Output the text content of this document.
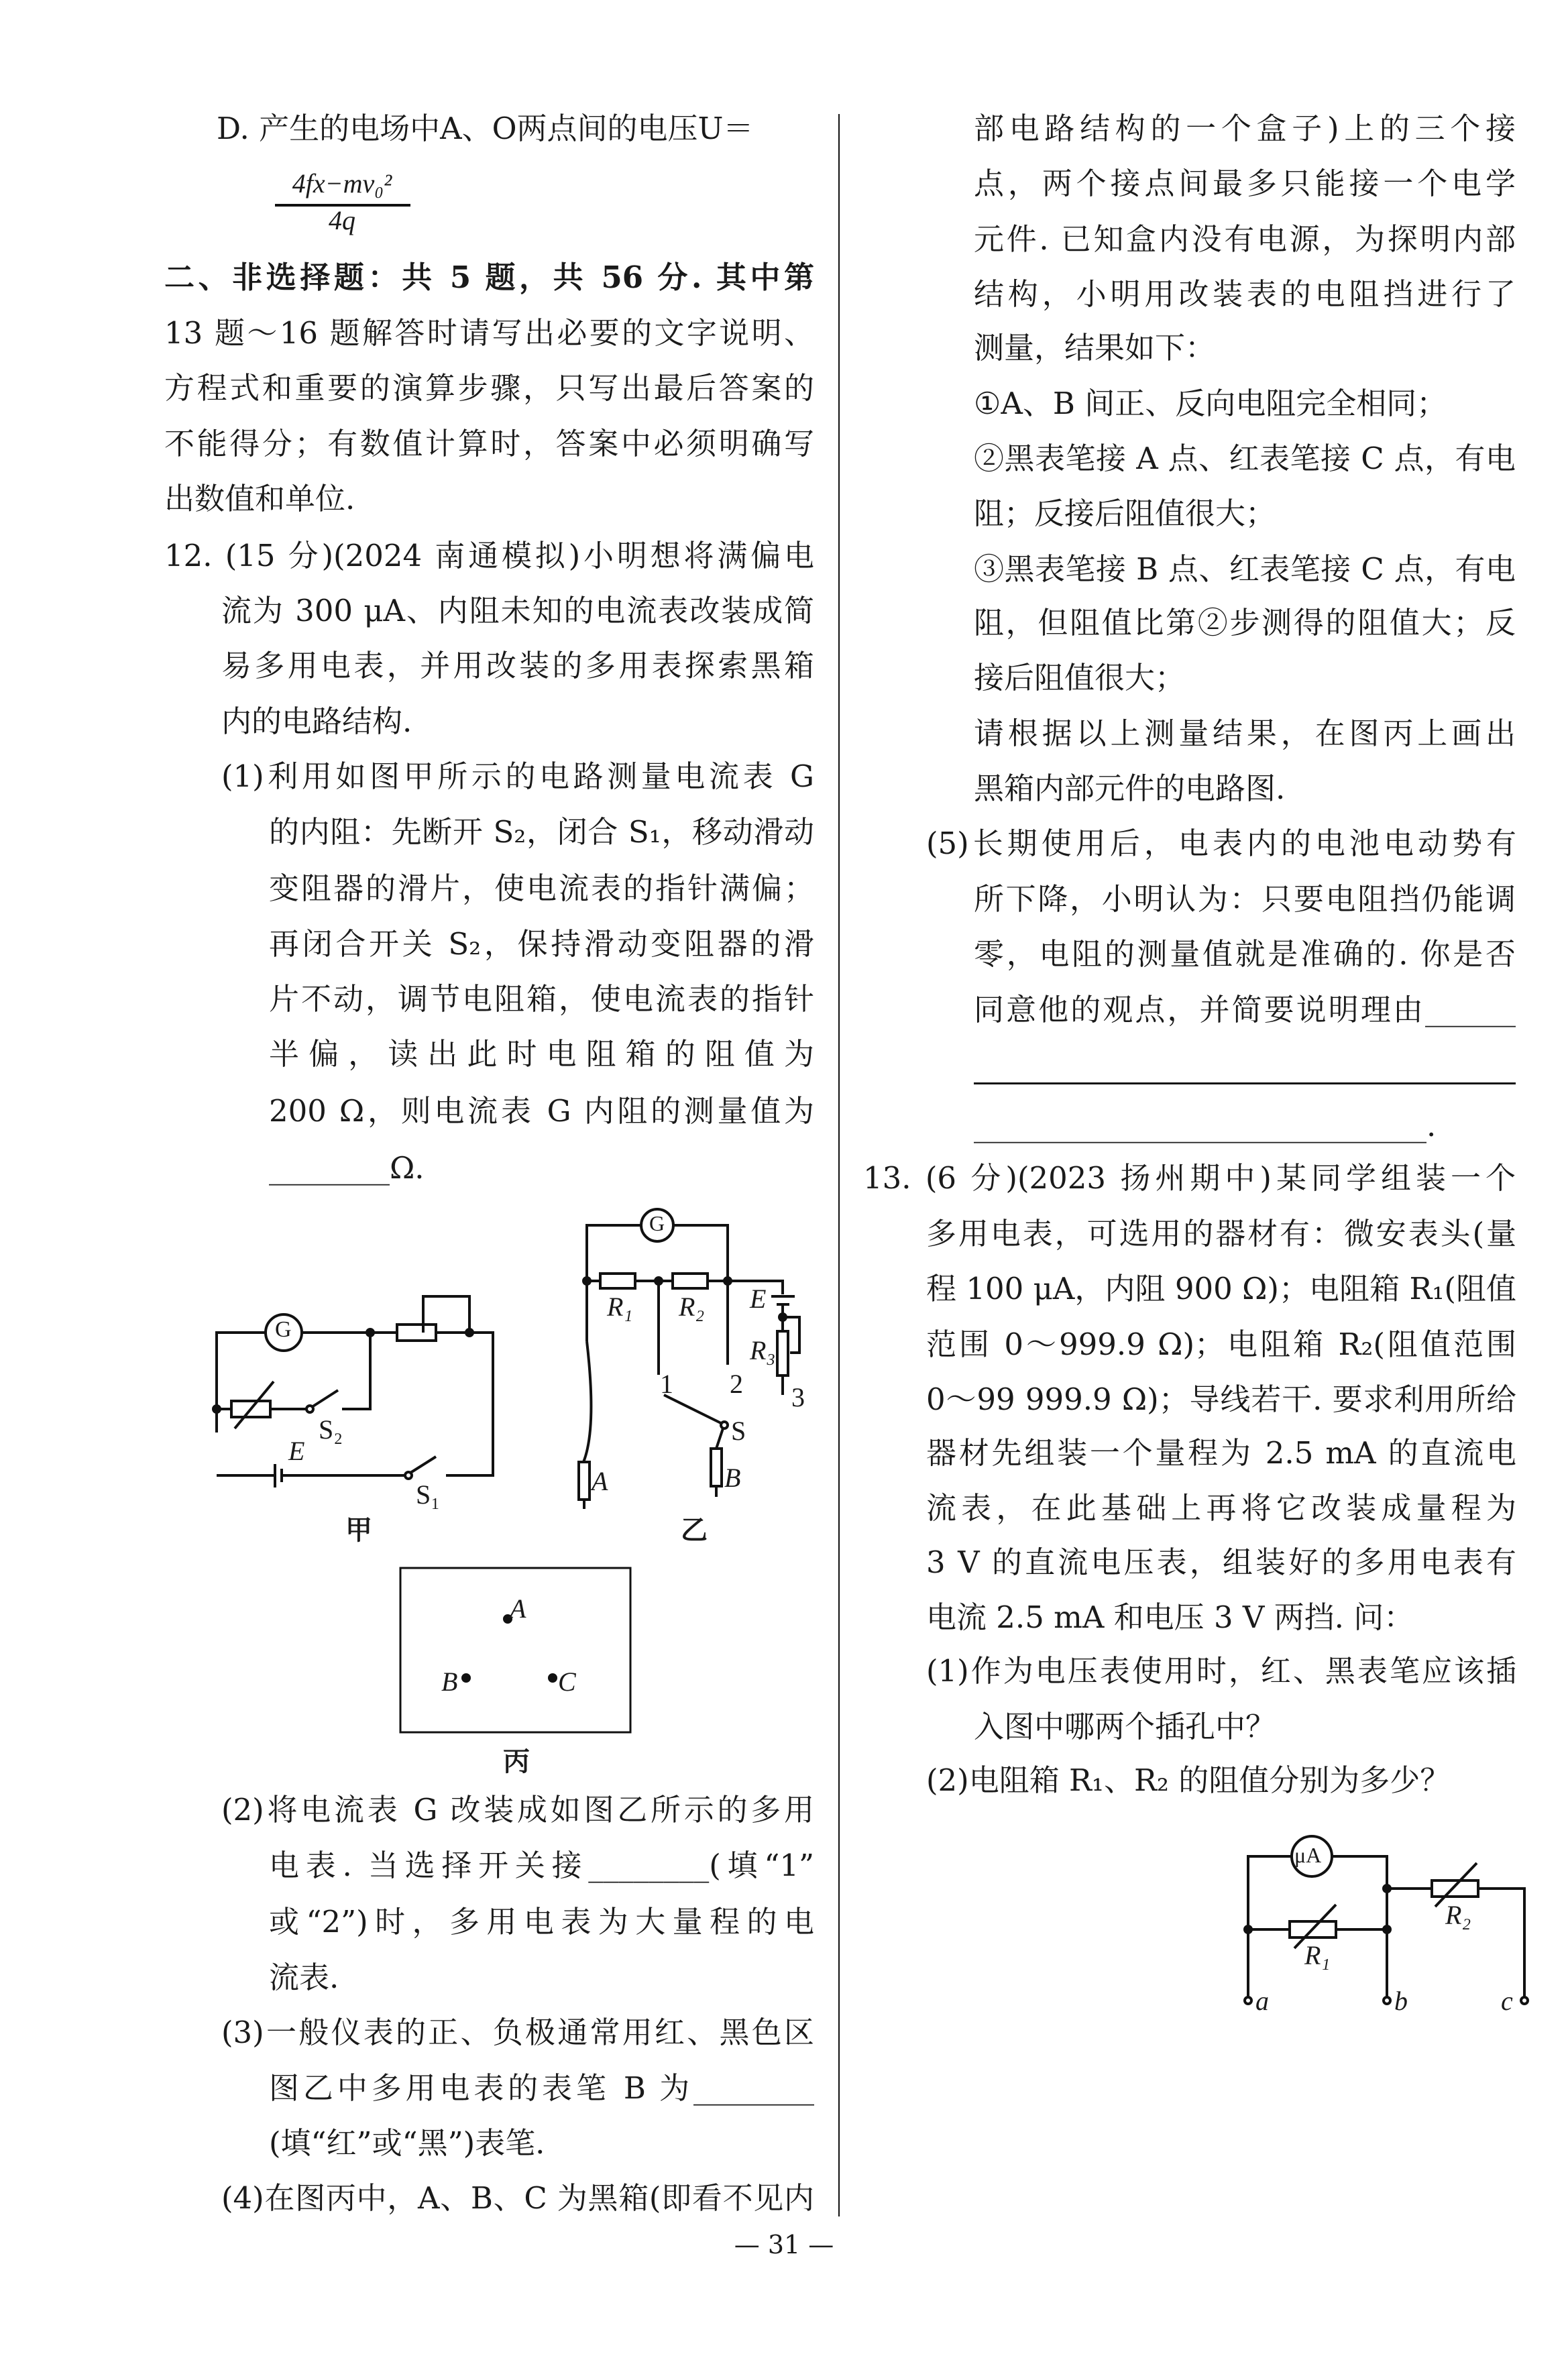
D. 产生的电场中A、O两点间的电压U＝
二、非选择题：共 5 题，共 56 分. 其中第
13 题～16 题解答时请写出必要的文字说明、
方程式和重要的演算步骤，只写出最后答案的
不能得分；有数值计算时，答案中必须明确写
出数值和单位.
12. (15 分)(2024 南通模拟)小明想将满偏电
流为 300 μA、内阻未知的电流表改装成简
易多用电表，并用改装的多用表探索黑箱
内的电路结构.
(1)利用如图甲所示的电路测量电流表 G
的内阻：先断开 S₂，闭合 S₁，移动滑动
变阻器的滑片，使电流表的指针满偏；
再闭合开关 S₂，保持滑动变阻器的滑
片不动，调节电阻箱，使电流表的指针
半偏，读出此时电阻箱的阻值为
200 Ω，则电流表 G 内阻的测量值为
________Ω.
(2)将电流表 G 改装成如图乙所示的多用
电表. 当选择开关接________(填“1”
或“2”)时，多用电表为大量程的电
流表.
(3)一般仪表的正、负极通常用红、黑色区
图乙中多用电表的表笔 B 为________
(填“红”或“黑”)表笔.
(4)在图丙中，A、B、C 为黑箱(即看不见内
部电路结构的一个盒子)上的三个接
点，两个接点间最多只能接一个电学
元件. 已知盒内没有电源，为探明内部
结构，小明用改装表的电阻挡进行了
测量，结果如下：
①A、B 间正、反向电阻完全相同；
②黑表笔接 A 点、红表笔接 C 点，有电
阻；反接后阻值很大；
③黑表笔接 B 点、红表笔接 C 点，有电
阻，但阻值比第②步测得的阻值大；反
接后阻值很大；
请根据以上测量结果，在图丙上画出
黑箱内部元件的电路图.
(5)长期使用后，电表内的电池电动势有
所下降，小明认为：只要电阻挡仍能调
零，电阻的测量值就是准确的. 你是否
同意他的观点，并简要说明理由______
______________________________.
13. (6 分)(2023 扬州期中)某同学组装一个
多用电表，可选用的器材有：微安表头(量
程 100 μA，内阻 900 Ω)；电阻箱 R₁(阻值
范围 0～999.9 Ω)；电阻箱 R₂(阻值范围
0～99 999.9 Ω)；导线若干. 要求利用所给
器材先组装一个量程为 2.5 mA 的直流电
流表，在此基础上再将它改装成量程为
3 V 的直流电压表，组装好的多用电表有
电流 2.5 mA 和电压 3 V 两挡. 问：
(1)作为电压表使用时，红、黑表笔应该插
入图中哪两个插孔中？
(2)电阻箱 R₁、R₂ 的阻值分别为多少？
4fx−mv₀²
4q
G
E
S₂
S₁
甲
G
R₁ R₂ E
R₃
1 2 3
S
A	B
乙
A
B	C
丙
μA
R₁
R₂
a	b	c
— 31 —
